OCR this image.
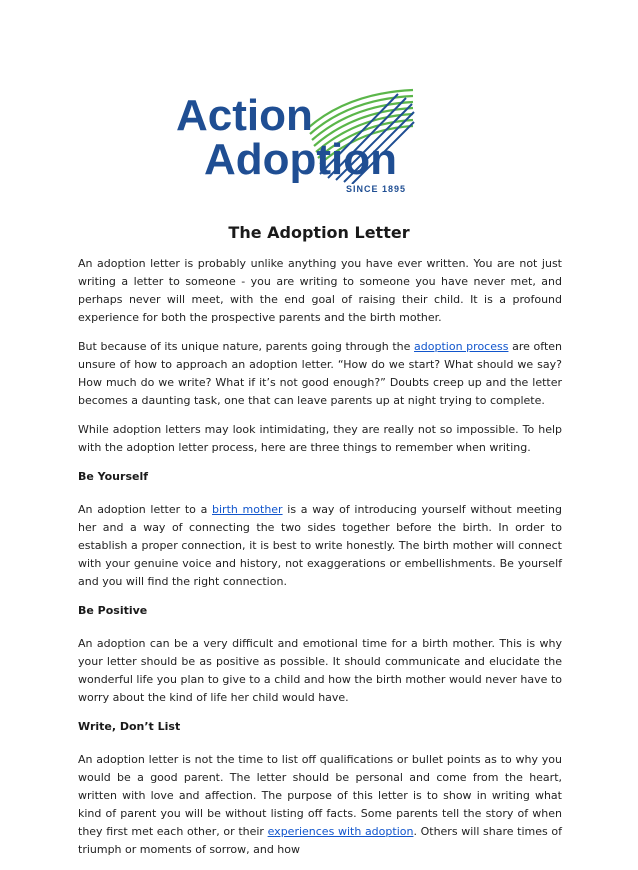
Action
Adoption
SINCE 1895
The Adoption Letter

An adoption letter is probably unlike anything you have ever written. You are not just writing a letter to someone - you are writing to someone you have never met, and perhaps never will meet, with the end goal of raising their child. It is a profound experience for both the prospective parents and the birth mother.

But because of its unique nature, parents going through the adoption process are often unsure of how to approach an adoption letter. “How do we start? What should we say? How much do we write? What if it’s not good enough?” Doubts creep up and the letter becomes a daunting task, one that can leave parents up at night trying to complete.

While adoption letters may look intimidating, they are really not so impossible. To help with the adoption letter process, here are three things to remember when writing.

Be Yourself

An adoption letter to a birth mother is a way of introducing yourself without meeting her and a way of connecting the two sides together before the birth. In order to establish a proper connection, it is best to write honestly. The birth mother will connect with your genuine voice and history, not exaggerations or embellishments. Be yourself and you will find the right connection.

Be Positive

An adoption can be a very difficult and emotional time for a birth mother. This is why your letter should be as positive as possible. It should communicate and elucidate the wonderful life you plan to give to a child and how the birth mother would never have to worry about the kind of life her child would have.

Write, Don’t List

An adoption letter is not the time to list off qualifications or bullet points as to why you would be a good parent. The letter should be personal and come from the heart, written with love and affection. The purpose of this letter is to show in writing what kind of parent you will be without listing off facts. Some parents tell the story of when they first met each other, or their experiences with adoption. Others will share times of triumph or moments of sorrow, and how
